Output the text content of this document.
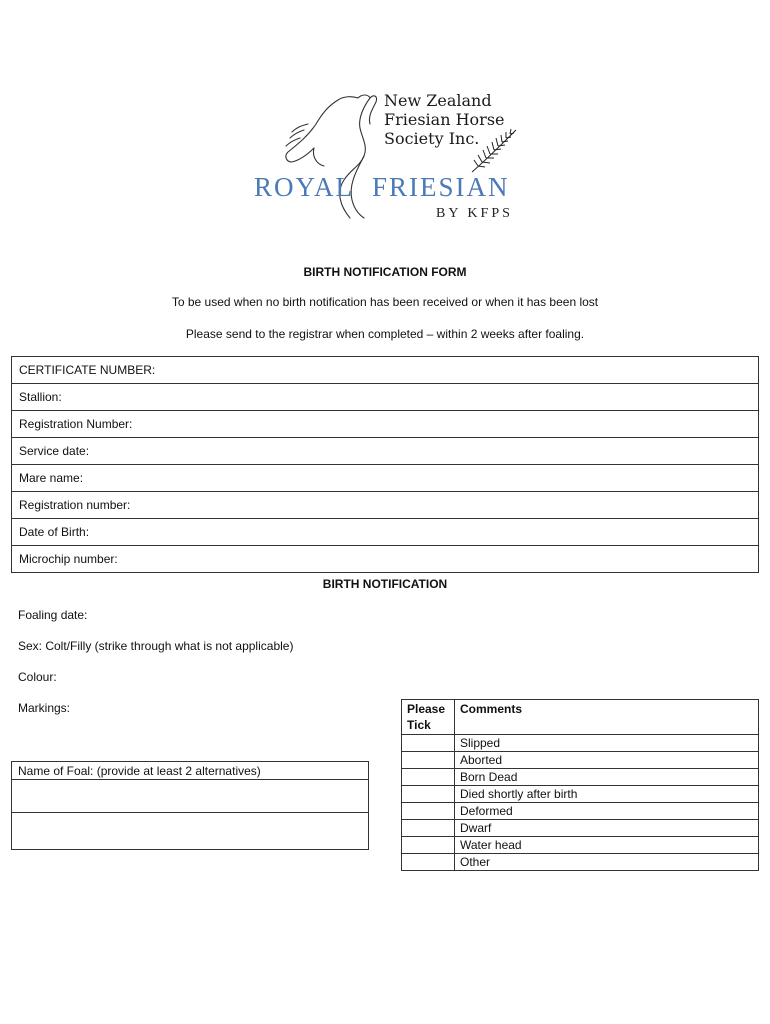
New Zealand
Friesian Horse
Society Inc.
ROYAL FRIESIAN
BY KFPS
BIRTH NOTIFICATION FORM
To be used when no birth notification has been received or when it has been lost
Please send to the registrar when completed – within 2 weeks after foaling.
CERTIFICATE NUMBER:
Stallion:
Registration Number:
Service date:
Mare name:
Registration number:
Date of Birth:
Microchip number:
BIRTH NOTIFICATION
Foaling date:
Sex: Colt/Filly (strike through what is not applicable)
Colour:
Markings:
Name of Foal: (provide at least 2 alternatives)

Please
Tick	Comments
	Slipped
	Aborted
	Born Dead
	Died shortly after birth
	Deformed
	Dwarf
	Water head
	Other
